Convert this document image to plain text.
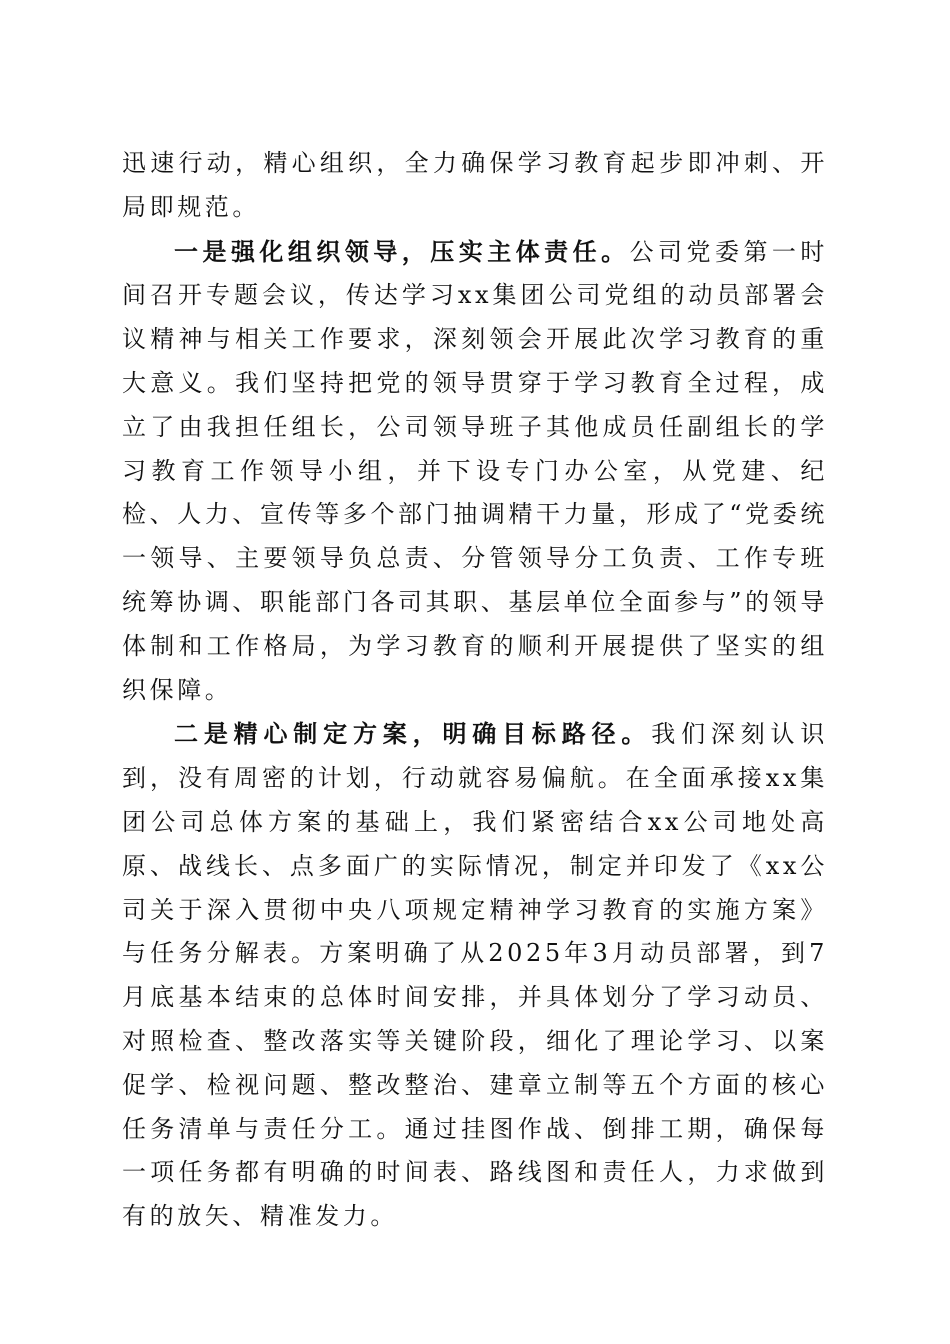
迅速行动，精心组织，全力确保学习教育起步即冲刺、开局即规范。

一是强化组织领导，压实主体责任。公司党委第一时间召开专题会议，传达学习xx集团公司党组的动员部署会议精神与相关工作要求，深刻领会开展此次学习教育的重大意义。我们坚持把党的领导贯穿于学习教育全过程，成立了由我担任组长，公司领导班子其他成员任副组长的学习教育工作领导小组，并下设专门办公室，从党建、纪检、人力、宣传等多个部门抽调精干力量，形成了“党委统一领导、主要领导负总责、分管领导分工负责、工作专班统筹协调、职能部门各司其职、基层单位全面参与”的领导体制和工作格局，为学习教育的顺利开展提供了坚实的组织保障。

二是精心制定方案，明确目标路径。我们深刻认识到，没有周密的计划，行动就容易偏航。在全面承接xx集团公司总体方案的基础上，我们紧密结合xx公司地处高原、战线长、点多面广的实际情况，制定并印发了《xx公司关于深入贯彻中央八项规定精神学习教育的实施方案》与任务分解表。方案明确了从2025年3月动员部署，到7月底基本结束的总体时间安排，并具体划分了学习动员、对照检查、整改落实等关键阶段，细化了理论学习、以案促学、检视问题、整改整治、建章立制等五个方面的核心任务清单与责任分工。通过挂图作战、倒排工期，确保每一项任务都有明确的时间表、路线图和责任人，力求做到有的放矢、精准发力。
